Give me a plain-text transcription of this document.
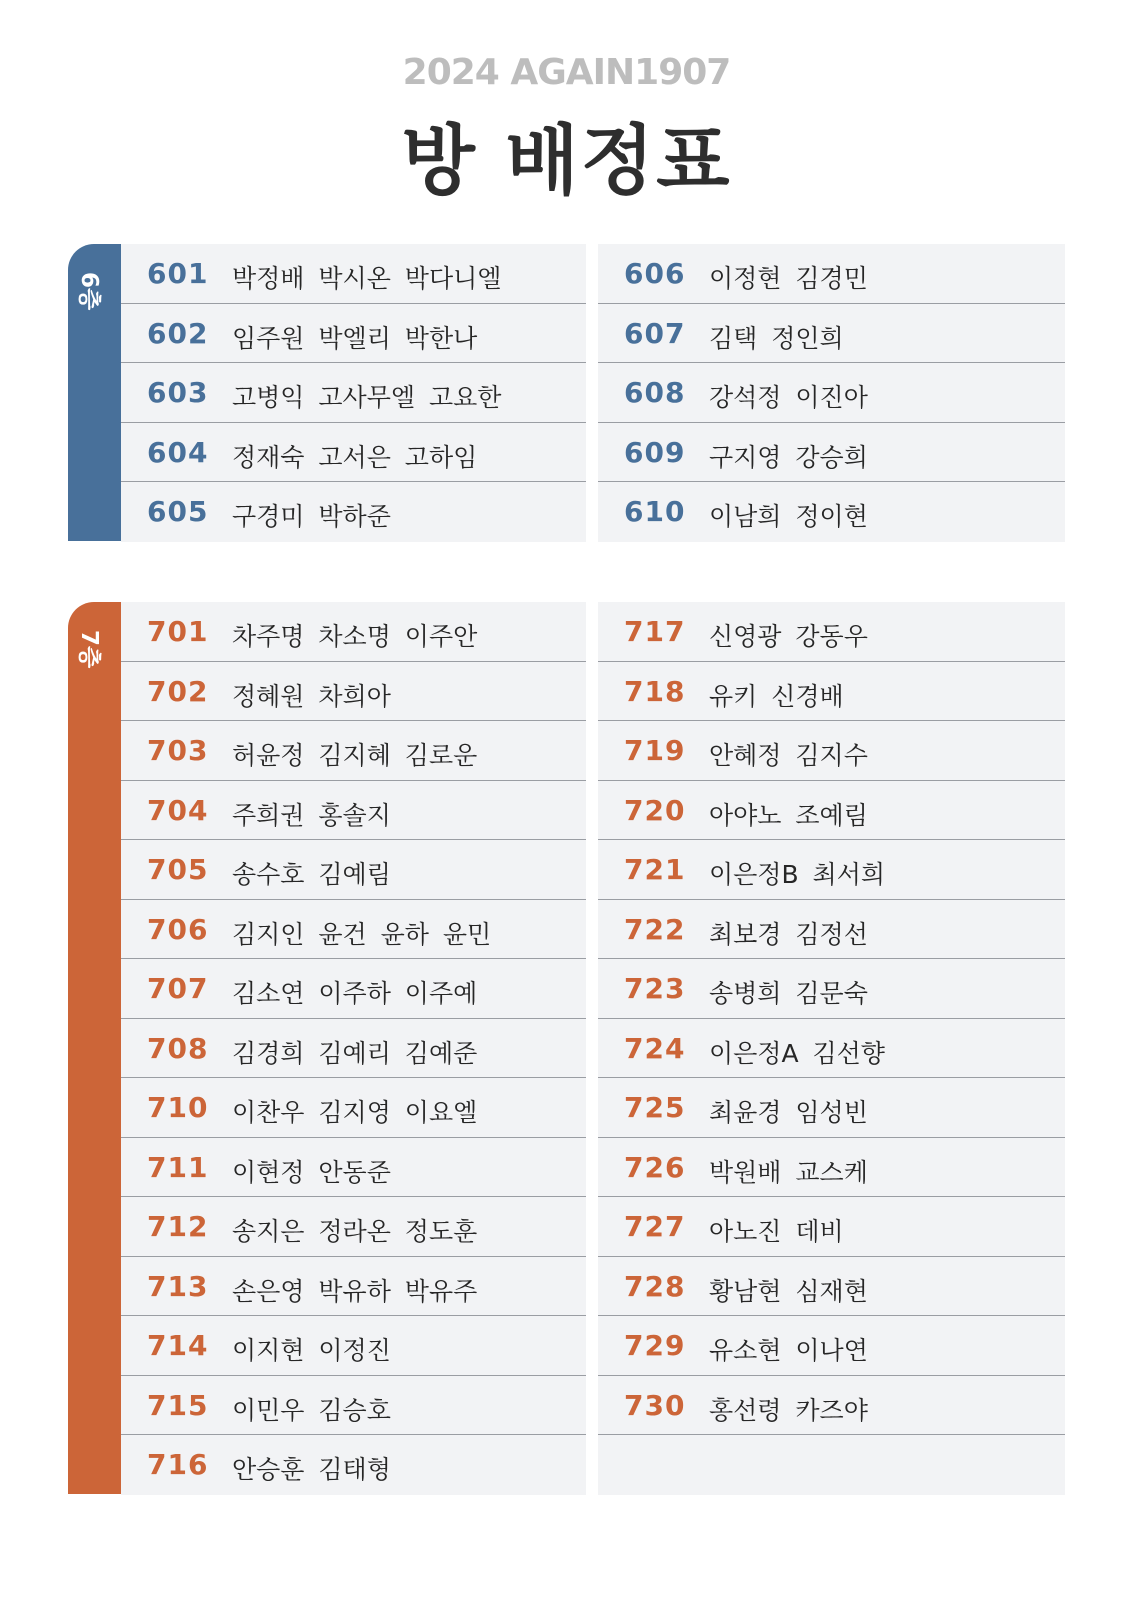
2024 AGAIN1907
방 배정표
6층 601 박정배 박시온 박다니엘
602 임주원 박엘리 박한나
603 고병익 고사무엘 고요한
604 정재숙 고서은 고하임
605 구경미 박하준
606 이정현 김경민
607 김택 정인희
608 강석정 이진아
609 구지영 강승희
610 이남희 정이현
7층 701 차주명 차소명 이주안
702 정혜원 차희아
703 허윤정 김지혜 김로운
704 주희권 홍솔지
705 송수호 김예림
706 김지인 윤건 윤하 윤민
707 김소연 이주하 이주예
708 김경희 김예리 김예준
710 이찬우 김지영 이요엘
711 이현정 안동준
712 송지은 정라온 정도훈
713 손은영 박유하 박유주
714 이지현 이정진
715 이민우 김승호
716 안승훈 김태형
717 신영광 강동우
718 유키 신경배
719 안혜정 김지수
720 아야노 조예림
721 이은정B 최서희
722 최보경 김정선
723 송병희 김문숙
724 이은정A 김선향
725 최윤경 임성빈
726 박원배 교스케
727 아노진 데비
728 황남현 심재현
729 유소현 이나연
730 홍선령 카즈야
